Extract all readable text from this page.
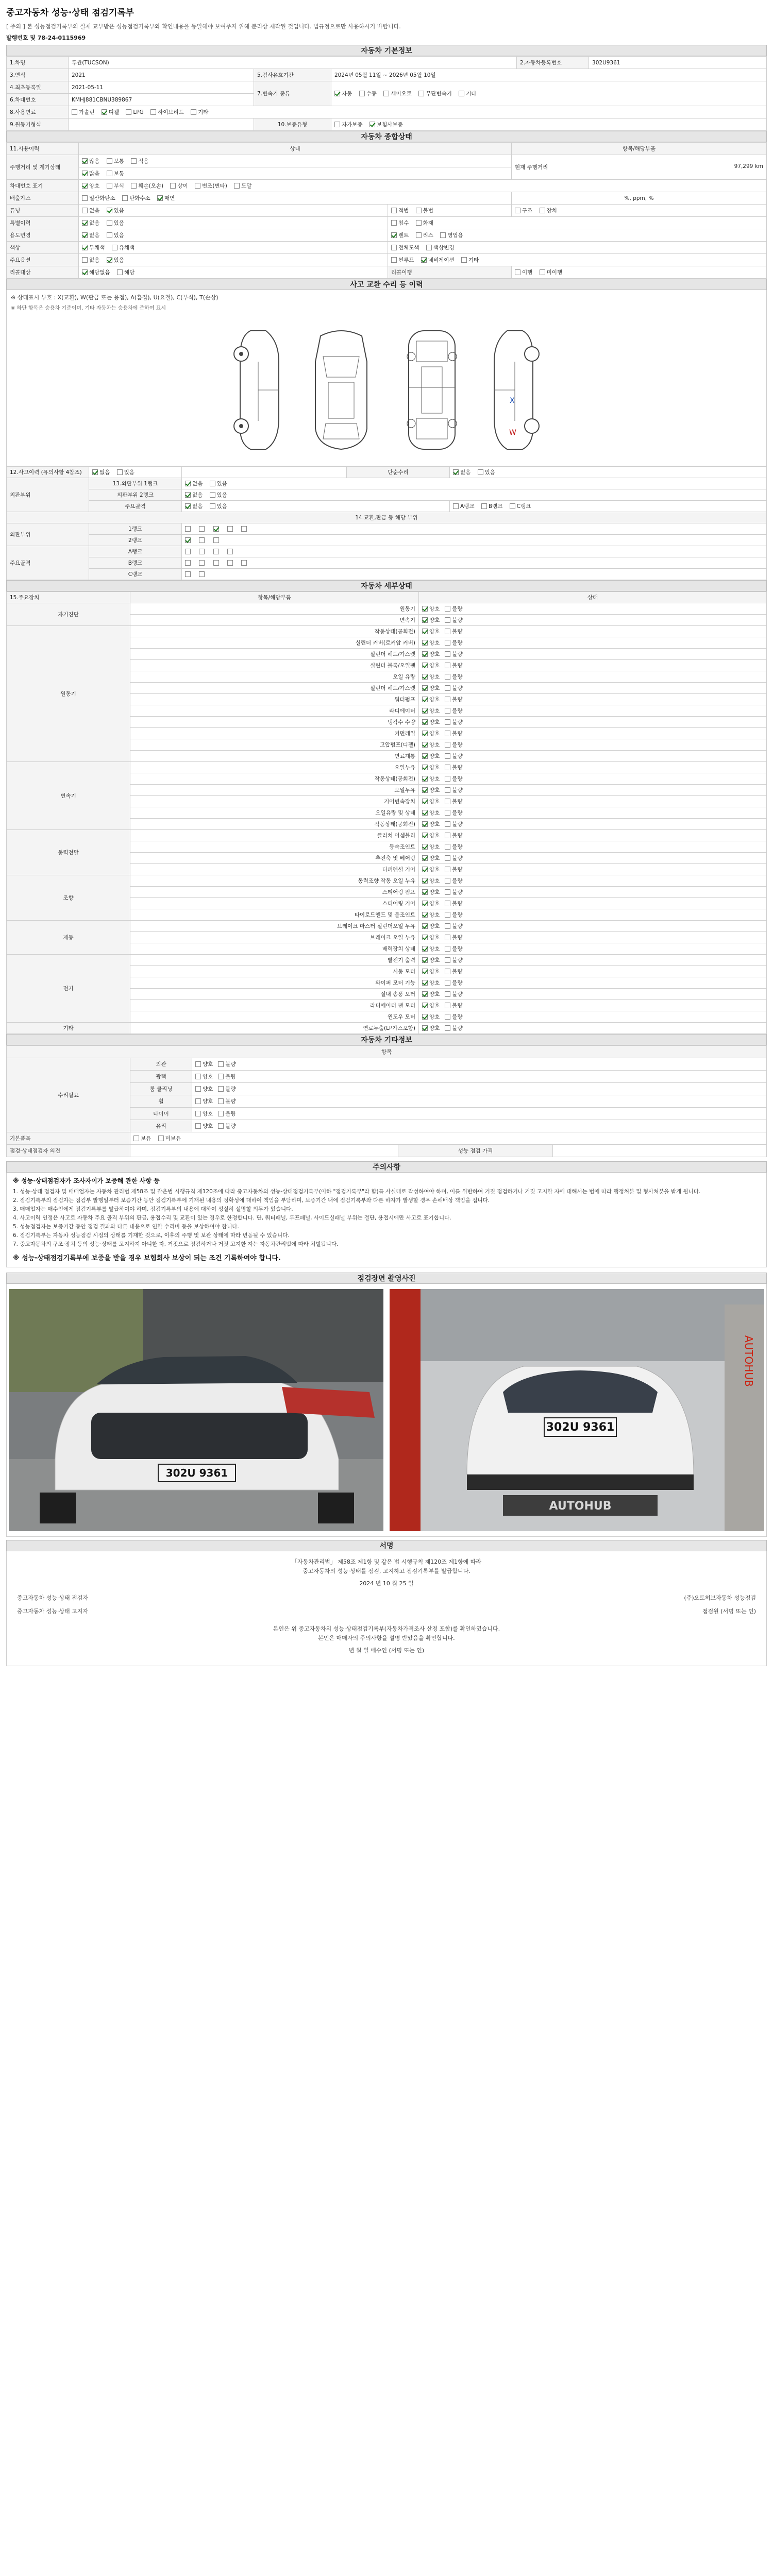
중고자동차 성능·상태 점검기록부
[ 주의 ] 본 성능점검기록부의 실제 교부받은 성능점검기록부와 확인내용을 동일해야 보여주지 위해 분리상 제작된 것입니다. 법규정으로만 사용하시기 바랍니다.
발행번호 및 78-24-0115969
자동차 기본정보
1.차명	투싼(TUCSON)			2.자동차등록번호	302U9361
3.연식	2021	5.검사유효기간	2024년 05월 11일 ~ 2026년 05월 10일		
4.최초등록일	2021-05-11	7.변속기 종류	자동 수동 세미오토 무단변속기 기타		
6.차대번호	KMHJ881CBNU389867				
8.사용연료	가솔린 디젤 LPG 하이브리드 기타				
9.원동기형식		10.보증유형	자가보증 보험사보증		
자동차 종합상태
11.사용이력	상태		항목/해당부품
주행거리 및 계기상태	많음 보통 적음		현재 주행거리 97,299 km

	많음 보통		
차대번호 표기	양호 부식 훼손(오손) 상이 변조(변타) 도말		
배출가스	일산화탄소 탄화수소 매연		%, ppm, %
튜닝	없음 있음	적법 불법	구조 장치
특별이력	없음 있음	침수 화재	
용도변경	없음 있음	렌트 리스 영업용	
색상	무채색 유채색	전체도색 색상변경	
주요옵션	없음 있음	썬루프 네비게이션 기타	
리콜대상	해당없음 해당	리콜이행	이행 미이행
사고 교환 수리 등 이력
※ 상태표시 부호 : X(교환), W(판금 또는 용접), A(흠집), U(요철), C(부식), T(손상)
※ 하단 항목은 승용차 기준이며, 기타 자동차는 승용차에 준하여 표시
X
W
12.사고이력 (유의사항 4참조)	없음 있음		단순수리	없음 있음
외판부위	13.외판부위 1랭크	없음 있음		
	외판부위 2랭크	없음 있음		
	주요골격	없음 있음		A랭크 B랭크 C랭크
14.교환,판금 등 해당 부위				
외판부위	1랭크			
	2랭크			
주요골격	A랭크			
	B랭크			
	C랭크			
자동차 세부상태
15.주요장치	항목/해당부품	상태
자기진단	원동기	양호 불량
	변속기	양호 불량
원동기	작동상태(공회전)	양호 불량
	실린더 커버(로커암 커버)	양호 불량
	실린더 헤드/가스켓	양호 불량
	실린더 블록/오일팬	양호 불량
	오일 유량	양호 불량
	실린더 헤드/가스켓	양호 불량
	워터펌프	양호 불량
	라디에이터	양호 불량
	냉각수 수량	양호 불량
	커먼레일	양호 불량
	고압펌프(디젤)	양호 불량
	연료계통	양호 불량
변속기	오일누유	양호 불량
	작동상태(공회전)	양호 불량
	오일누유	양호 불량
	기어변속장치	양호 불량
	오일유량 및 상태	양호 불량
	작동상태(공회전)	양호 불량
동력전달	클러치 어셈블리	양호 불량
	등속조인트	양호 불량
	추진축 및 베어링	양호 불량
	디퍼렌셜 기어	양호 불량
조향	동력조향 작동 오일 누유	양호 불량
	스티어링 펌프	양호 불량
	스티어링 기어	양호 불량
	타이로드엔드 및 볼조인트	양호 불량
제동	브레이크 마스터 실린더오일 누유	양호 불량
	브레이크 오일 누유	양호 불량
	배력장치 상태	양호 불량
전기	발전기 출력	양호 불량
	시동 모터	양호 불량
	와이퍼 모터 기능	양호 불량
	실내 송풍 모터	양호 불량
	라디에이터 팬 모터	양호 불량
	윈도우 모터	양호 불량
기타	연료누출(LP가스포함)	양호 불량
자동차 기타정보
항목				
수리필요	외관	양호 불량		
	광택	양호 불량		
	룸 클리닝	양호 불량		
	휠	양호 불량		
	타이어	양호 불량		
	유리	양호 불량		
기본품목	보유 미보유			
점검·상태점검자 의견			성능 점검 가격	
주의사항
※ 성능·상태점검자가 조사자이가 보증해 관한 사항 등
1. 성능·상태 점검자 및 매매업자는 자동차 관리법 제58조 및 같은법 시행규칙 제120조에 따라 중고자동차의 성능·상태점검기록부(이하 "점검기록부"라 함)를 사실대로 작성하여야 하며, 이를 위반하여 거짓 점검하거나 거짓 고지한 자에 대해서는 법에 따라 행정처분 및 형사처분을 받게 됩니다.
2. 점검기록부의 점검자는 점검부 발행일부터 보증기간 동안 점검기록부에 기재된 내용의 정확성에 대하여 책임을 부담하며, 보증기간 내에 점검기록부와 다른 하자가 발생할 경우 손해배상 책임을 집니다.
3. 매매업자는 매수인에게 점검기록부를 발급하여야 하며, 점검기록부의 내용에 대하여 성실히 설명할 의무가 있습니다.
4. 사고이력 인정은 사고로 자동차 주요 골격 부위의 판금, 용접수리 및 교환이 있는 경우로 한정합니다. 단, 쿼터패널, 루프패널, 사이드실패널 부위는 절단, 용접시에만 사고로 표기합니다.
5. 성능점검자는 보증기간 동안 점검 결과와 다른 내용으로 인한 수리비 등을 보상하여야 합니다.
6. 점검기록부는 자동차 성능점검 시점의 상태를 기재한 것으로, 이후의 주행 및 보관 상태에 따라 변동될 수 있습니다.
7. 중고자동차의 구조·장치 등의 성능·상태를 고지하지 아니한 자, 거짓으로 점검하거나 거짓 고지한 자는 자동차관리법에 따라 처벌됩니다.
※ 성능·상태점검기록부에 보증을 받을 경우 보험회사 보상이 되는 조건 기록하여야 합니다.
점검장면 촬영사진
302U 9361
302U 9361
AUTOHUB
AUTOHUB
서명
「자동차관리법」 제58조 제1항 및 같은 법 시행규칙 제120조 제1항에 따라
중고자동차의 성능·상태를 점검, 고지하고 점검기록부를 발급합니다.
2024 년 10 월 25 일
중고자동차 성능·상태 점검자	(주)오토허브자동차 성능점검
중고자동차 성능·상태 고지자	점검원 (서명 또는 인)
본인은 위 중고자동차의 성능·상태점검기록부(자동차가격조사 산정 포함)를 확인하였습니다.
본인은 매매자의 주의사항을 설명 받았음을 확인합니다.
년 월 일 매수인 (서명 또는 인)
